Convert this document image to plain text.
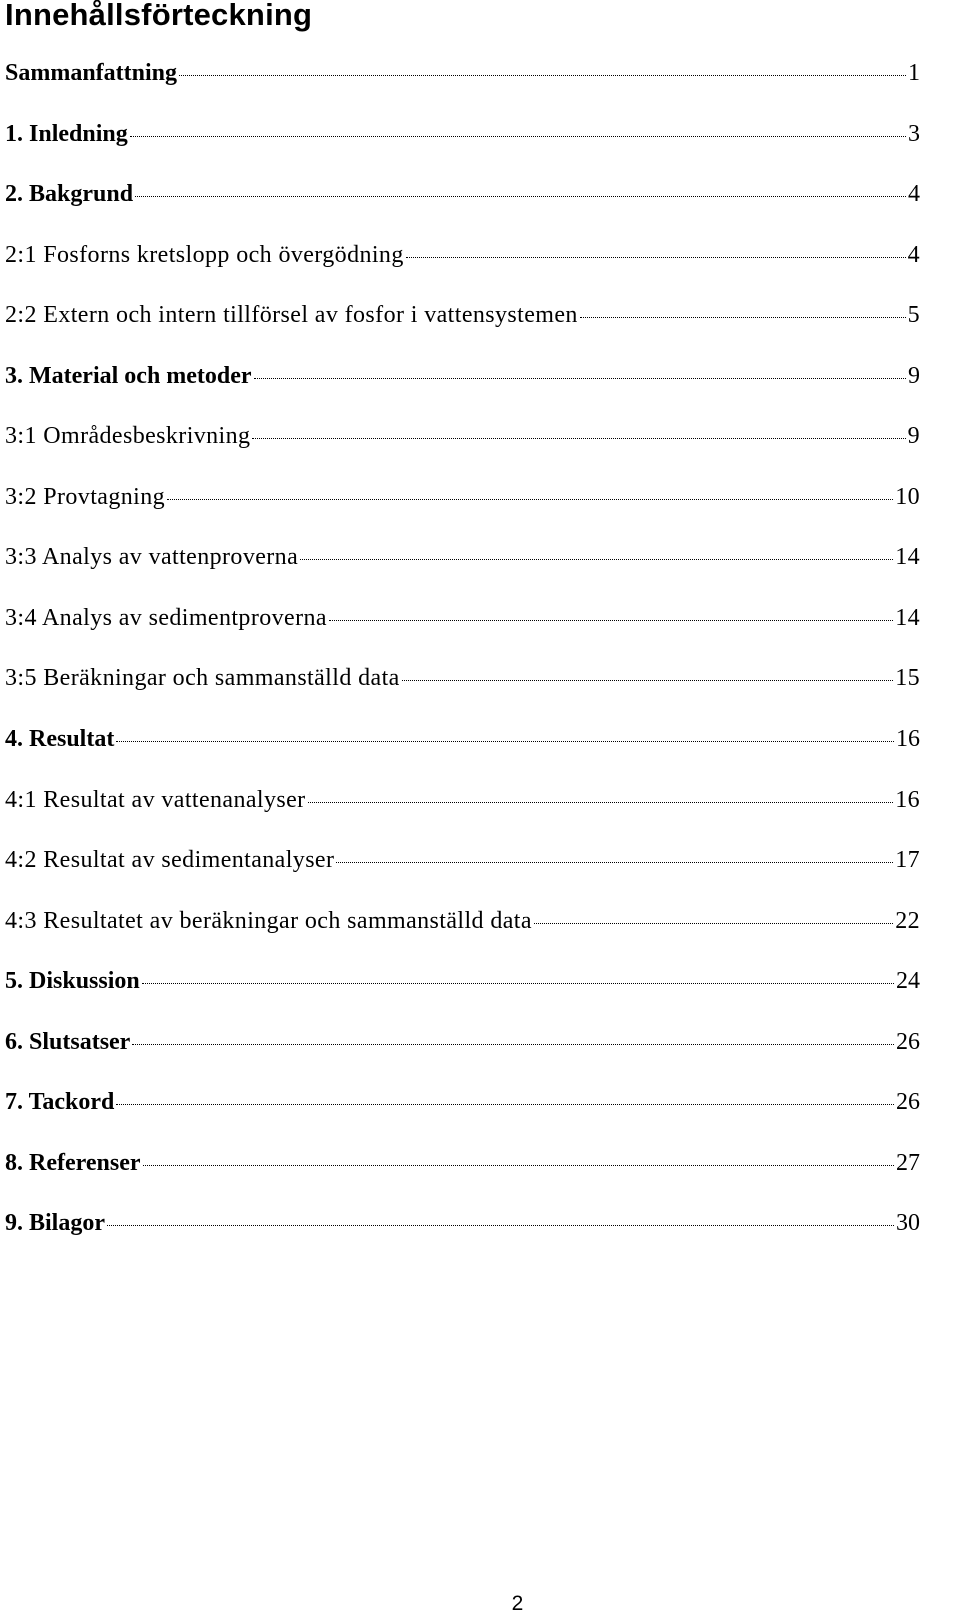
Innehållsförteckning
Sammanfattning	1
1. Inledning	3
2. Bakgrund	4
2:1 Fosforns kretslopp och övergödning	4
2:2 Extern och intern tillförsel av fosfor i vattensystemen	5
3. Material och metoder	9
3:1 Områdesbeskrivning	9
3:2 Provtagning	10
3:3 Analys av vattenproverna	14
3:4 Analys av sedimentproverna	14
3:5 Beräkningar och sammanställd data	15
4. Resultat	16
4:1 Resultat av vattenanalyser	16
4:2 Resultat av sedimentanalyser	17
4:3 Resultatet av beräkningar och sammanställd data	22
5. Diskussion	24
6. Slutsatser	26
7. Tackord	26
8. Referenser	27
9. Bilagor	30
2
